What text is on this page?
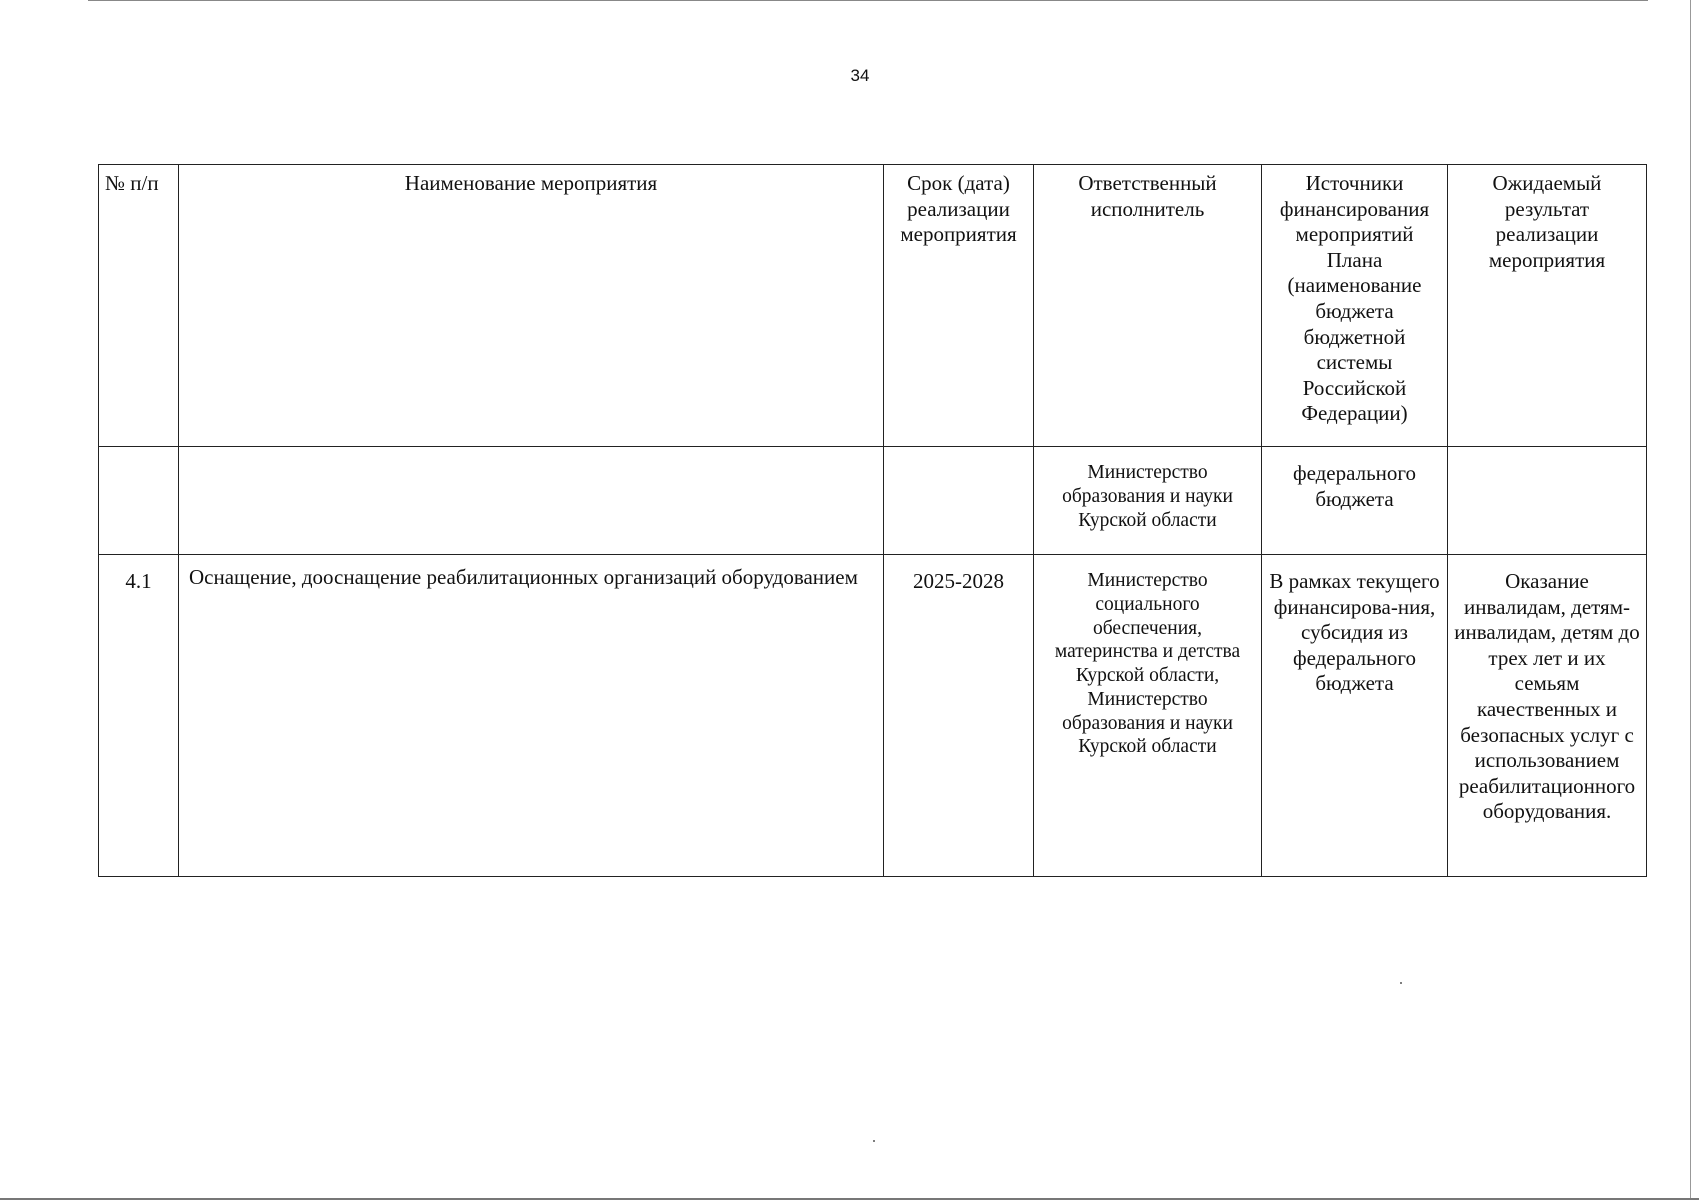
34
№ п/п	Наименование мероприятия	Срок (дата) реализации мероприятия	Ответственный исполнитель	Источники финансирования мероприятий Плана (наименование бюджета бюджетной системы Российской Федерации)	Ожидаемый результат реализации мероприятия
			Министерство образования и науки Курской области	федерального бюджета	
4.1	Оснащение, дооснащение реабилитационных организаций оборудованием	2025-2028	Министерство социального обеспечения, материнства и детства Курской области, Министерство образования и науки Курской области	В рамках текущего финансирова-ния, субсидия из федерального бюджета	Оказание инвалидам, детям-инвалидам, детям до трех лет и их семьям качественных и безопасных услуг с использованием реабилитационного оборудования.
